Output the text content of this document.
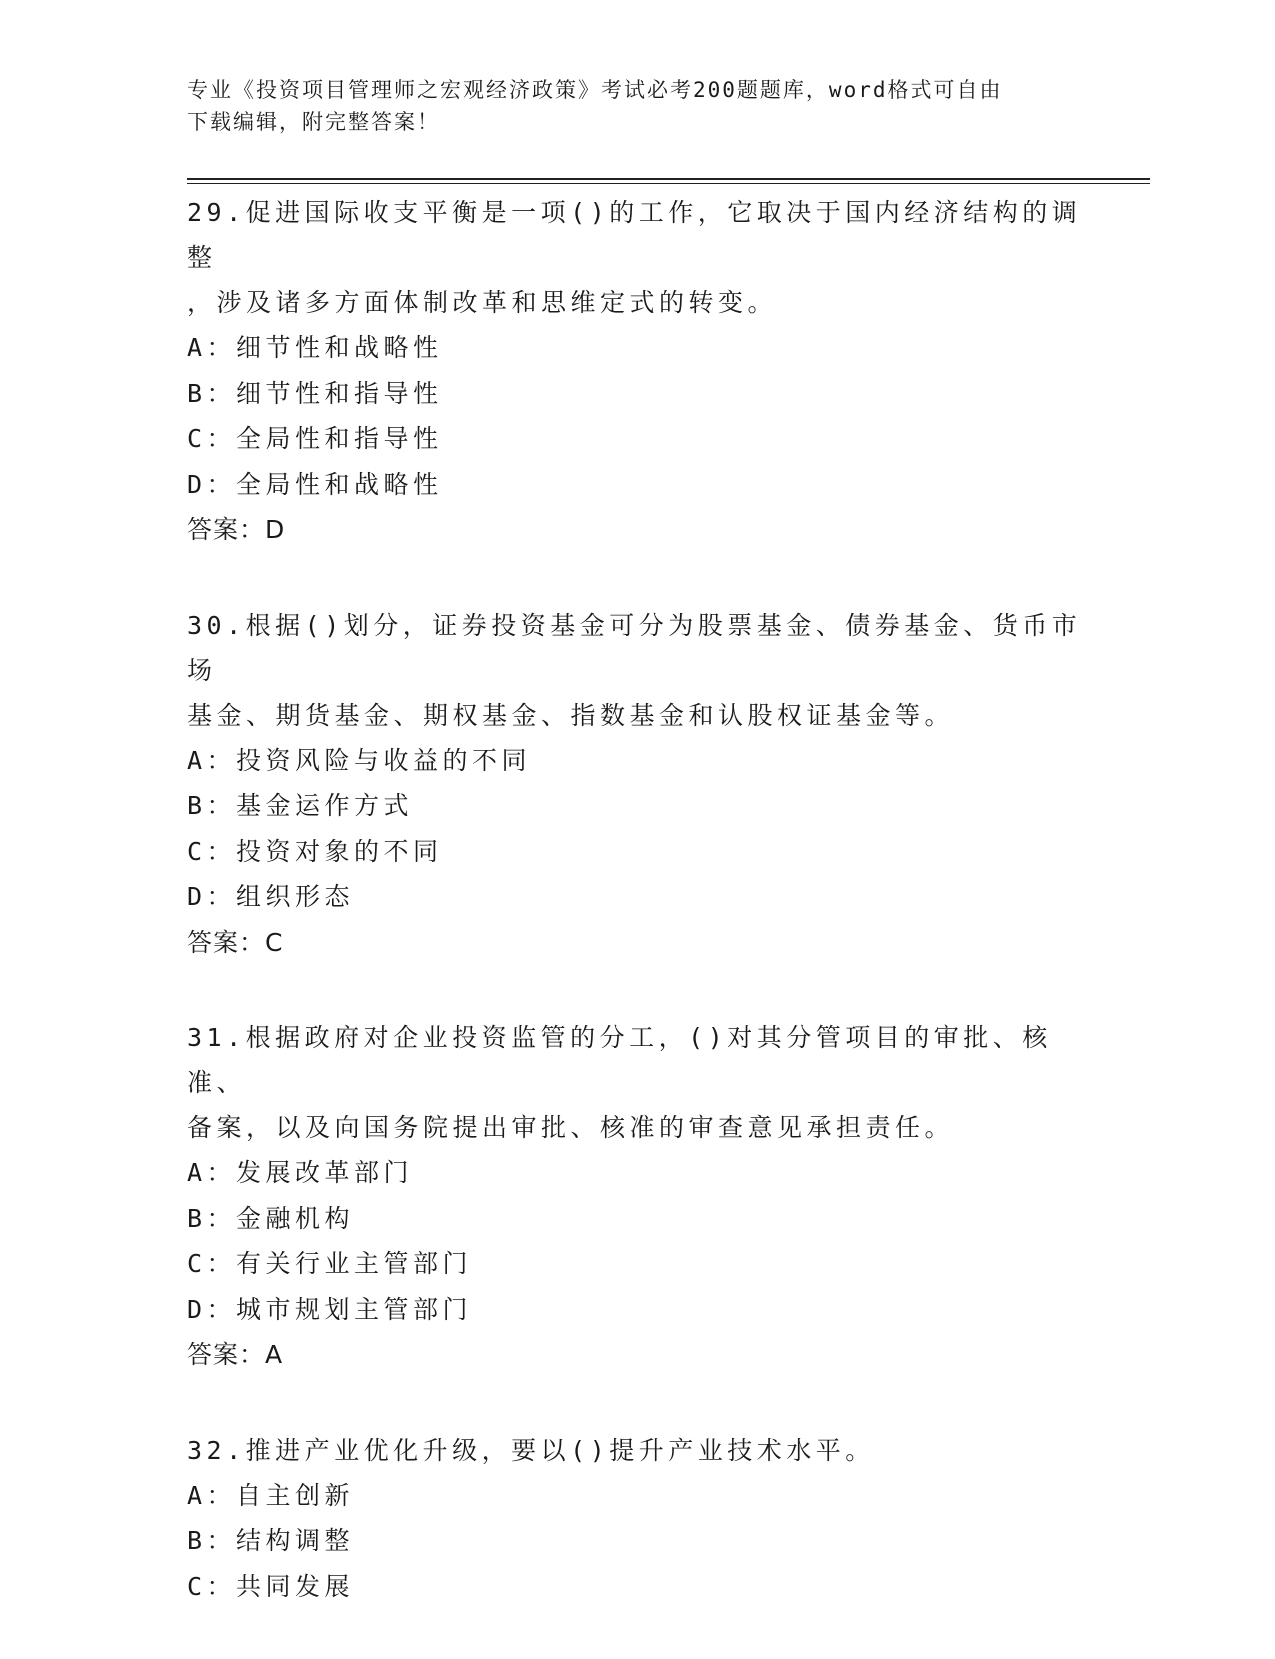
专业《投资项目管理师之宏观经济政策》考试必考200题题库，word格式可自由
下载编辑，附完整答案！

29.促进国际收支平衡是一项()的工作，它取决于国内经济结构的调整

，涉及诸多方面体制改革和思维定式的转变。

A：细节性和战略性

B：细节性和指导性

C：全局性和指导性

D：全局性和战略性

答案：D

30.根据()划分，证券投资基金可分为股票基金、债券基金、货币市场

基金、期货基金、期权基金、指数基金和认股权证基金等。

A：投资风险与收益的不同

B：基金运作方式

C：投资对象的不同

D：组织形态

答案：C

31.根据政府对企业投资监管的分工，()对其分管项目的审批、核准、

备案，以及向国务院提出审批、核准的审查意见承担责任。

A：发展改革部门

B：金融机构

C：有关行业主管部门

D：城市规划主管部门

答案：A

32.推进产业优化升级，要以()提升产业技术水平。

A：自主创新

B：结构调整

C：共同发展
